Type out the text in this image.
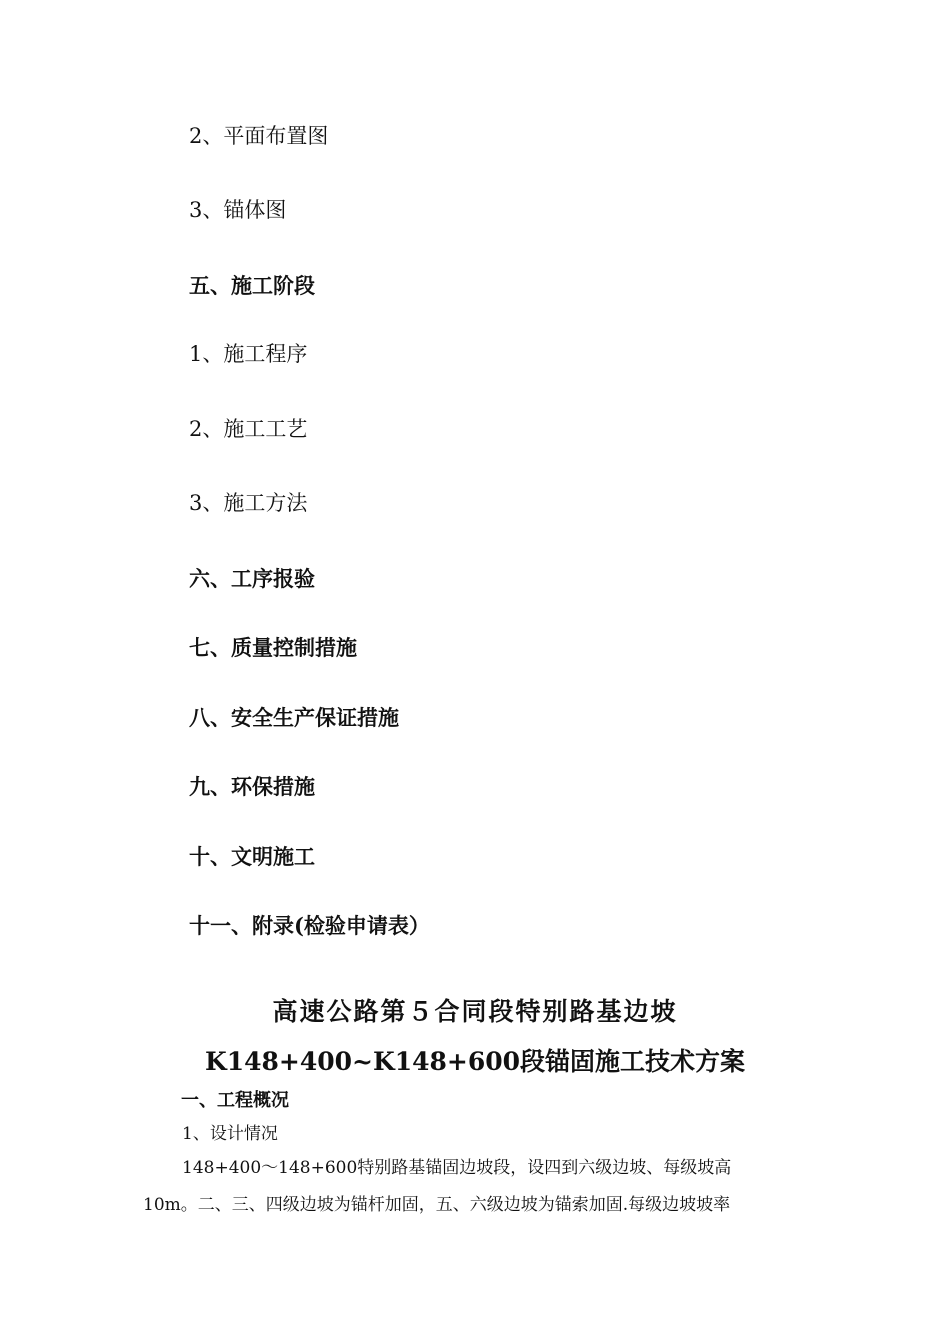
2、平面布置图
3、锚体图
五、施工阶段
1、施工程序
2、施工工艺
3、施工方法
六、工序报验
七、质量控制措施
八、安全生产保证措施
九、环保措施
十、文明施工
十一、附录(检验申请表）
高速公路第５合同段特别路基边坡
K148+400~K148+600段锚固施工技术方案
一、工程概况
1、设计情况
148+400～148+600特别路基锚固边坡段，设四到六级边坡、每级坡高
10m。二、三、四级边坡为锚杆加固，五、六级边坡为锚索加固.每级边坡坡率
